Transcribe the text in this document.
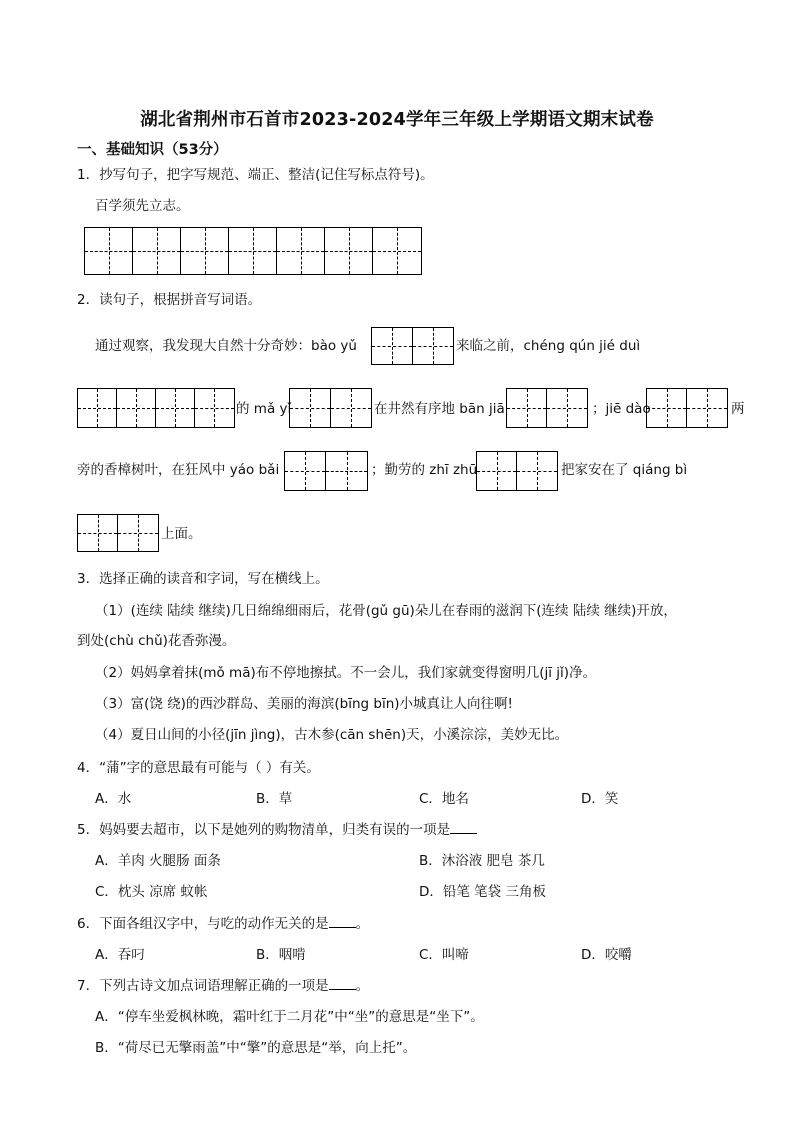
湖北省荆州市石首市2023-2024学年三年级上学期语文期末试卷
一、基础知识（53分）
1．抄写句子，把字写规范、端正、整洁(记住写标点符号)。
百学须先立志。
2．读句子，根据拼音写词语。
通过观察，我发现大自然十分奇妙：bào yǔ	来临之前，chéng qún jié duì
的 mǎ yǐ	在井然有序地 bān jiā	；jiē dào	两
旁的香樟树叶，在狂风中 yáo bǎi	；勤劳的 zhī zhū	把家安在了 qiáng bì
上面。
3．选择正确的读音和字词，写在横线上。
（1）(连续 陆续 继续)几日绵绵细雨后，花骨(gǔ gū)朵儿在春雨的滋润下(连续 陆续 继续)开放，
到处(chù chǔ)花香弥漫。
（2）妈妈拿着抹(mǒ mā)布不停地擦拭。不一会儿，我们家就变得窗明几(jī jǐ)净。
（3）富(饶 绕)的西沙群岛、美丽的海滨(bīng bīn)小城真让人向往啊!
（4）夏日山间的小径(jīn jìng)，古木参(cān shēn)天，小溪淙淙，美妙无比。
4．“蒲”字的意思最有可能与（ ）有关。
A．水	B．草	C．地名	D．笑
5．妈妈要去超市，以下是她列的购物清单，归类有误的一项是
A．羊肉 火腿肠 面条	B．沐浴液 肥皂 茶几
C．枕头 凉席 蚊帐	D．铅笔 笔袋 三角板
6．下面各组汉字中，与吃的动作无关的是 。
A．吞叼	B．咽啃	C．叫啼	D．咬嚼
7．下列古诗文加点词语理解正确的一项是 。
A．“停车坐爱枫林晚，霜叶红于二月花”中“坐”的意思是“坐下”。
B．“荷尽已无擎雨盖”中“擎”的意思是“举，向上托”。
